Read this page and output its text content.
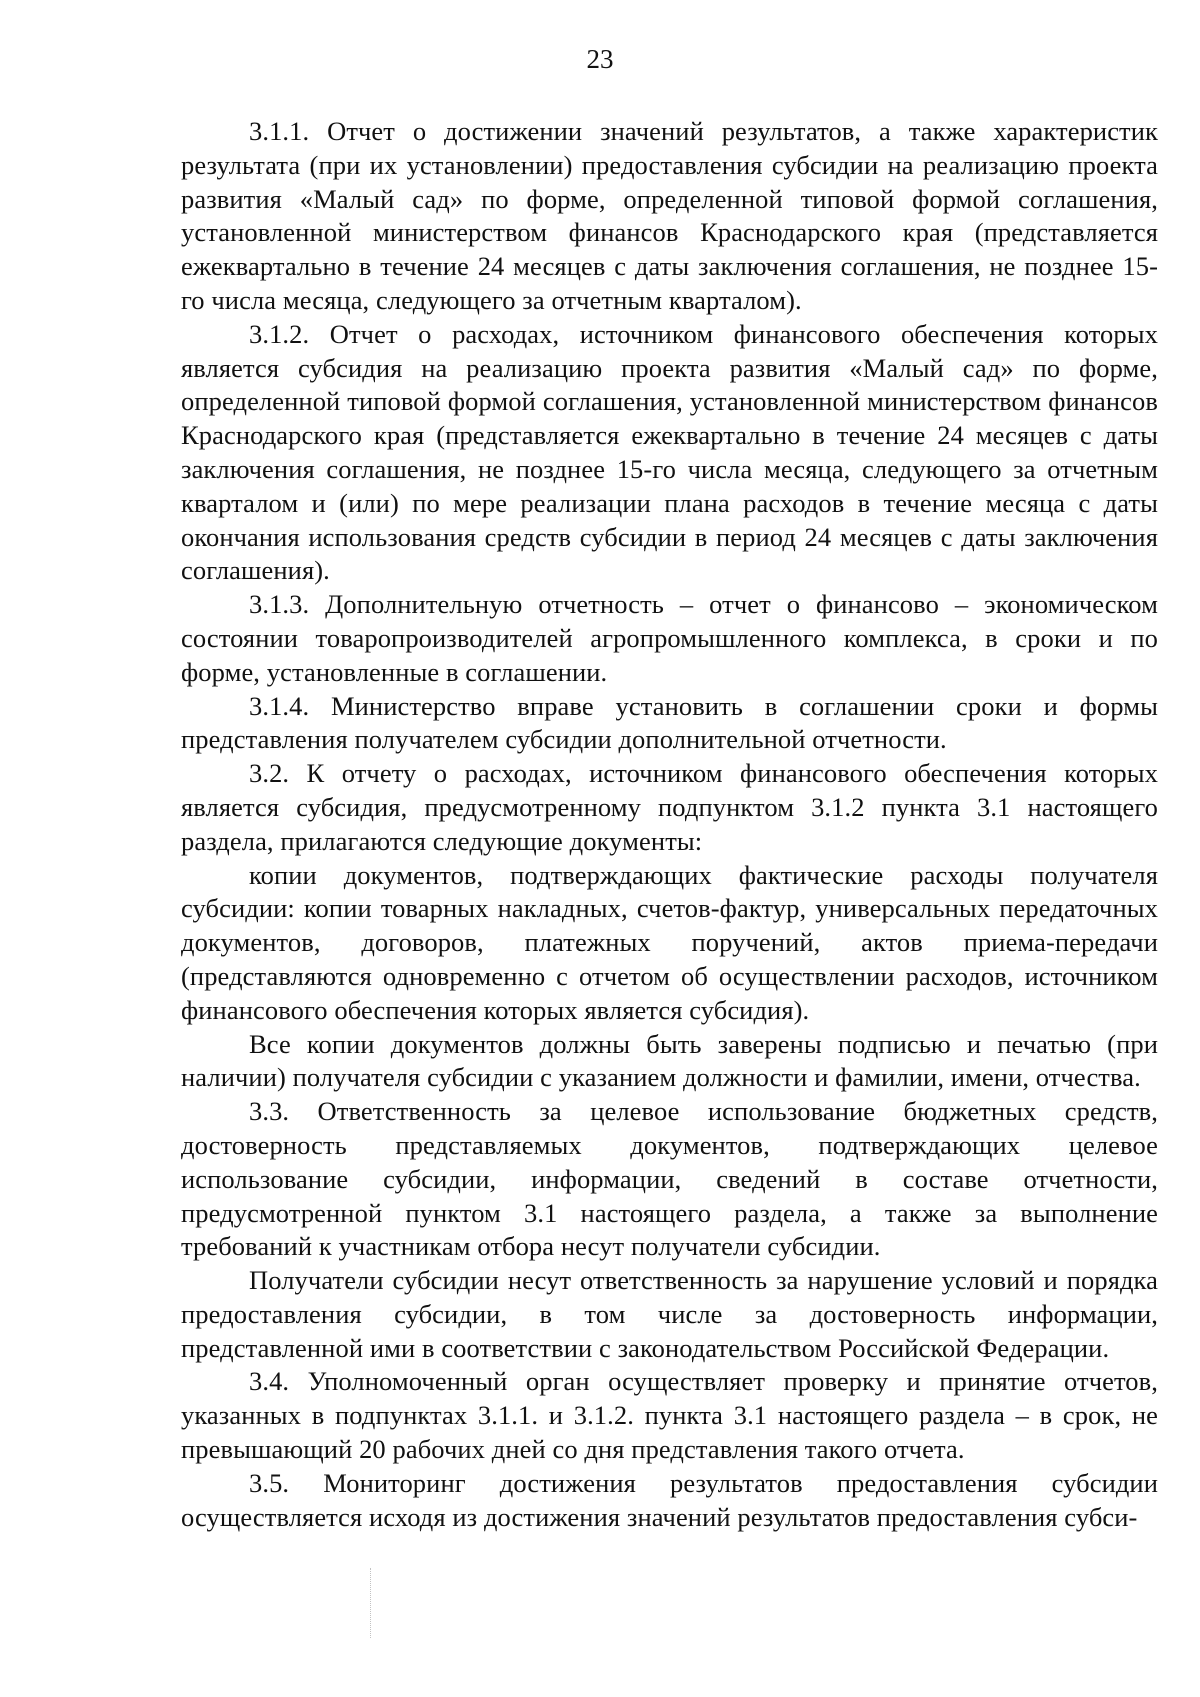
23

3.1.1. Отчет о достижении значений результатов, а также характеристик результата (при их установлении) предоставления субсидии на реализацию проекта развития «Малый сад» по форме, определенной типовой формой соглашения, установленной министерством финансов Краснодарского края (представляется ежеквартально в течение 24 месяцев с даты заключения соглашения, не позднее 15-го числа месяца, следующего за отчетным кварталом).

3.1.2. Отчет о расходах, источником финансового обеспечения которых является субсидия на реализацию проекта развития «Малый сад» по форме, определенной типовой формой соглашения, установленной министерством финансов Краснодарского края (представляется ежеквартально в течение 24 месяцев с даты заключения соглашения, не позднее 15-го числа месяца, следующего за отчетным кварталом и (или) по мере реализации плана расходов в течение месяца с даты окончания использования средств субсидии в период 24 месяцев с даты заключения соглашения).

3.1.3. Дополнительную отчетность – отчет о финансово – экономическом состоянии товаропроизводителей агропромышленного комплекса, в сроки и по форме, установленные в соглашении.

3.1.4. Министерство вправе установить в соглашении сроки и формы представления получателем субсидии дополнительной отчетности.

3.2. К отчету о расходах, источником финансового обеспечения которых является субсидия, предусмотренному подпунктом 3.1.2 пункта 3.1 настоящего раздела, прилагаются следующие документы:

копии документов, подтверждающих фактические расходы получателя субсидии: копии товарных накладных, счетов-фактур, универсальных передаточных документов, договоров, платежных поручений, актов приема-передачи (представляются одновременно с отчетом об осуществлении расходов, источником финансового обеспечения которых является субсидия).

Все копии документов должны быть заверены подписью и печатью (при наличии) получателя субсидии с указанием должности и фамилии, имени, отчества.

3.3. Ответственность за целевое использование бюджетных средств, достоверность представляемых документов, подтверждающих целевое использование субсидии, информации, сведений в составе отчетности, предусмотренной пунктом 3.1 настоящего раздела, а также за выполнение требований к участникам отбора несут получатели субсидии.

Получатели субсидии несут ответственность за нарушение условий и порядка предоставления субсидии, в том числе за достоверность информации, представленной ими в соответствии с законодательством Российской Федерации.

3.4. Уполномоченный орган осуществляет проверку и принятие отчетов, указанных в подпунктах 3.1.1. и 3.1.2. пункта 3.1 настоящего раздела – в срок, не превышающий 20 рабочих дней со дня представления такого отчета.

3.5. Мониторинг достижения результатов предоставления субсидии осуществляется исходя из достижения значений результатов предоставления субси-
